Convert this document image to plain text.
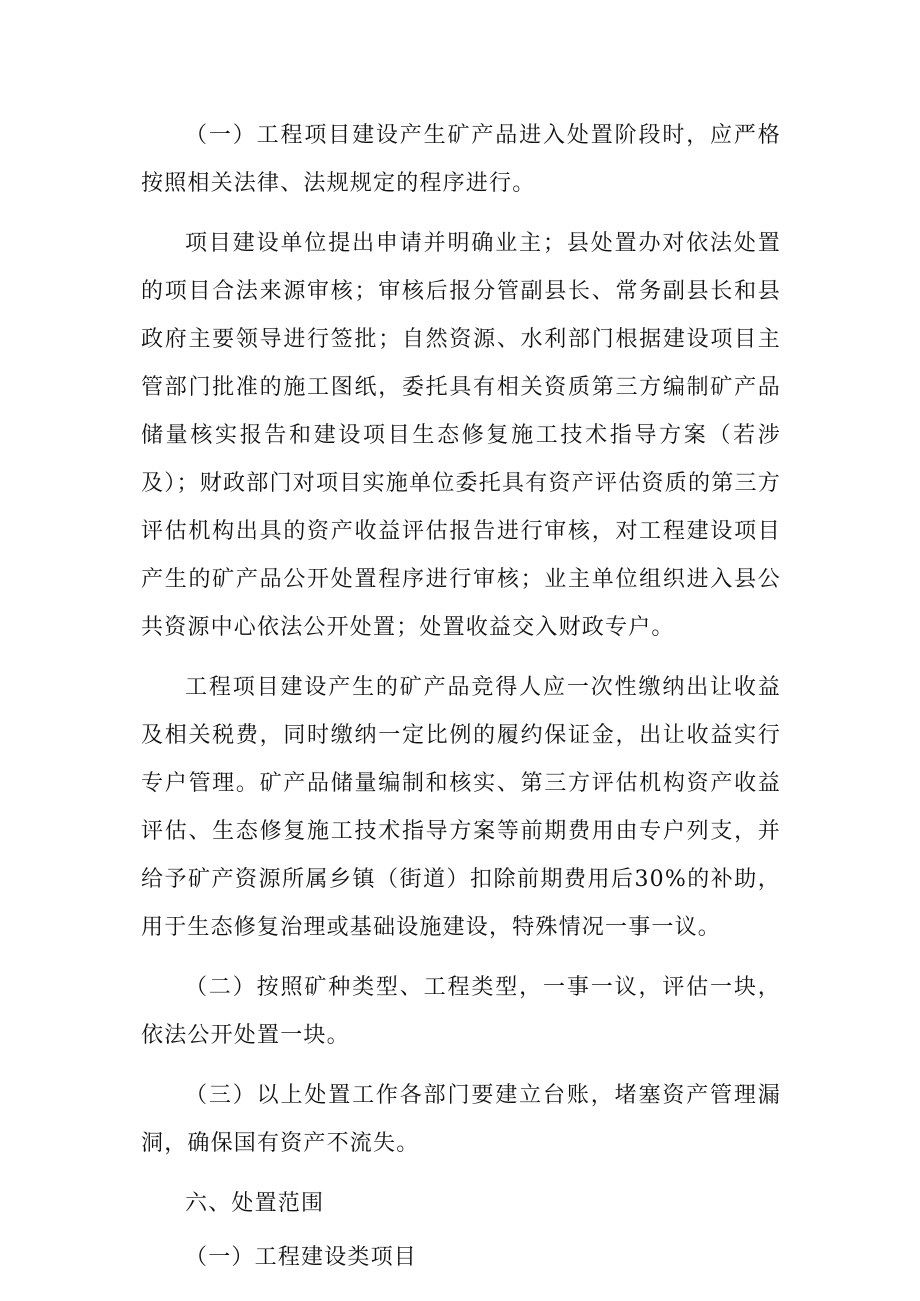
（一）工程项目建设产生矿产品进入处置阶段时，应严格按照相关法律、法规规定的程序进行。

项目建设单位提出申请并明确业主；县处置办对依法处置的项目合法来源审核；审核后报分管副县长、常务副县长和县政府主要领导进行签批；自然资源、水利部门根据建设项目主管部门批准的施工图纸，委托具有相关资质第三方编制矿产品储量核实报告和建设项目生态修复施工技术指导方案（若涉及）；财政部门对项目实施单位委托具有资产评估资质的第三方评估机构出具的资产收益评估报告进行审核，对工程建设项目产生的矿产品公开处置程序进行审核；业主单位组织进入县公共资源中心依法公开处置；处置收益交入财政专户。

工程项目建设产生的矿产品竞得人应一次性缴纳出让收益及相关税费，同时缴纳一定比例的履约保证金，出让收益实行专户管理。矿产品储量编制和核实、第三方评估机构资产收益评估、生态修复施工技术指导方案等前期费用由专户列支，并给予矿产资源所属乡镇（街道）扣除前期费用后30%的补助，用于生态修复治理或基础设施建设，特殊情况一事一议。

（二）按照矿种类型、工程类型，一事一议，评估一块，依法公开处置一块。

（三）以上处置工作各部门要建立台账，堵塞资产管理漏洞，确保国有资产不流失。

六、处置范围

（一）工程建设类项目
